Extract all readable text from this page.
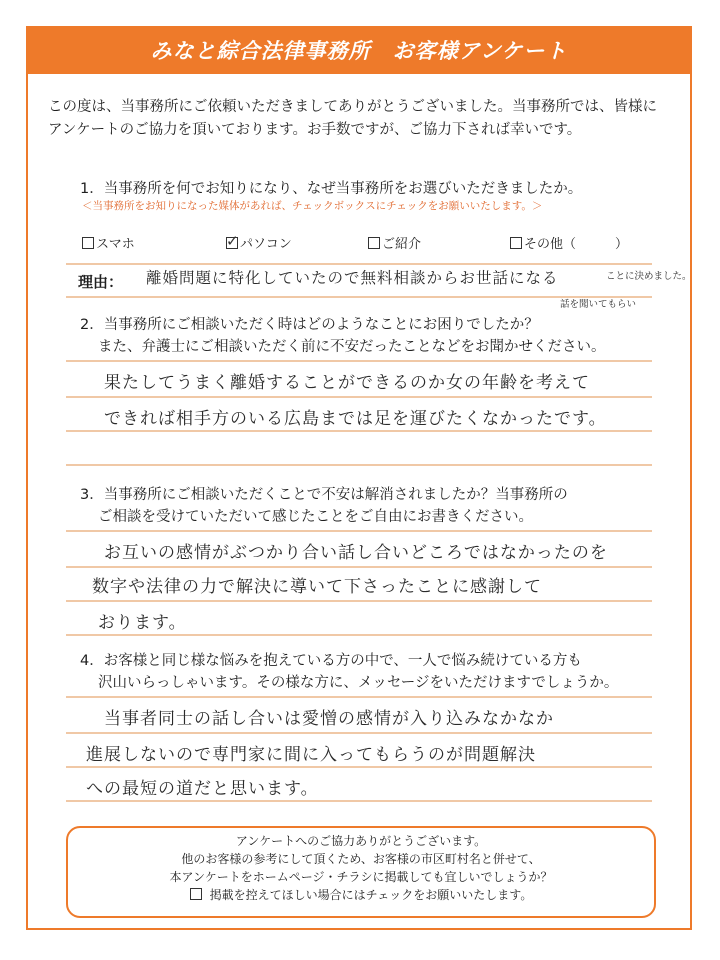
みなと綜合法律事務所　お客様アンケート
この度は、当事務所にご依頼いただきましてありがとうございました。当事務所では、皆様に
アンケートのご協力を頂いております。お手数ですが、ご協力下されば幸いです。
1．当事務所を何でお知りになり、なぜ当事務所をお選びいただきましたか。
＜当事務所をお知りになった媒体があれば、チェックボックスにチェックをお願いいたします。＞
スマホ	✓ パソコン	ご紹介	その他（　　　）
理由： 離婚問題に特化していたので無料相談からお世話になる	ことに決めました。
話を聞いてもらい
2．当事務所にご相談いただく時はどのようなことにお困りでしたか？
また、弁護士にご相談いただく前に不安だったことなどをお聞かせください。
果たしてうまく離婚することができるのか女の年齢を考えて
できれば相手方のいる広島までは足を運びたくなかったです。
3．当事務所にご相談いただくことで不安は解消されましたか？当事務所の
ご相談を受けていただいて感じたことをご自由にお書きください。
お互いの感情がぶつかり合い話し合いどころではなかったのを
数字や法律の力で解決に導いて下さったことに感謝して
おります。
4．お客様と同じ様な悩みを抱えている方の中で、一人で悩み続けている方も
沢山いらっしゃいます。その様な方に、メッセージをいただけますでしょうか。
当事者同士の話し合いは愛憎の感情が入り込みなかなか
進展しないので専門家に間に入ってもらうのが問題解決
への最短の道だと思います。
アンケートへのご協力ありがとうございます。
他のお客様の参考にして頂くため、お客様の市区町村名と併せて、
本アンケートをホームページ・チラシに掲載しても宜しいでしょうか？
掲載を控えてほしい場合にはチェックをお願いいたします。
